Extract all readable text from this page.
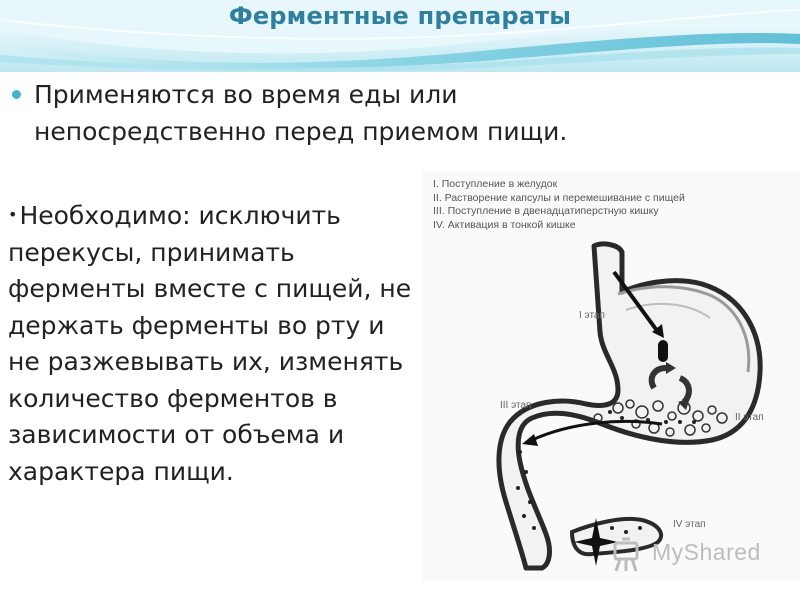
Ферментные препараты
Применяются во время еды или непосредственно перед приемом пищи.
•Необходимо: исключить перекусы, принимать ферменты вместе с пищей, не держать ферменты во рту и не разжевывать их, изменять количество ферментов в зависимости от объема и характера пищи.
I. Поступление в желудок
II. Растворение капсулы и перемешивание с пищей
III. Поступление в двенадцатиперстную кишку
IV. Активация в тонкой кишке
I этап
II этап
III этап
IV этап
MyShared
